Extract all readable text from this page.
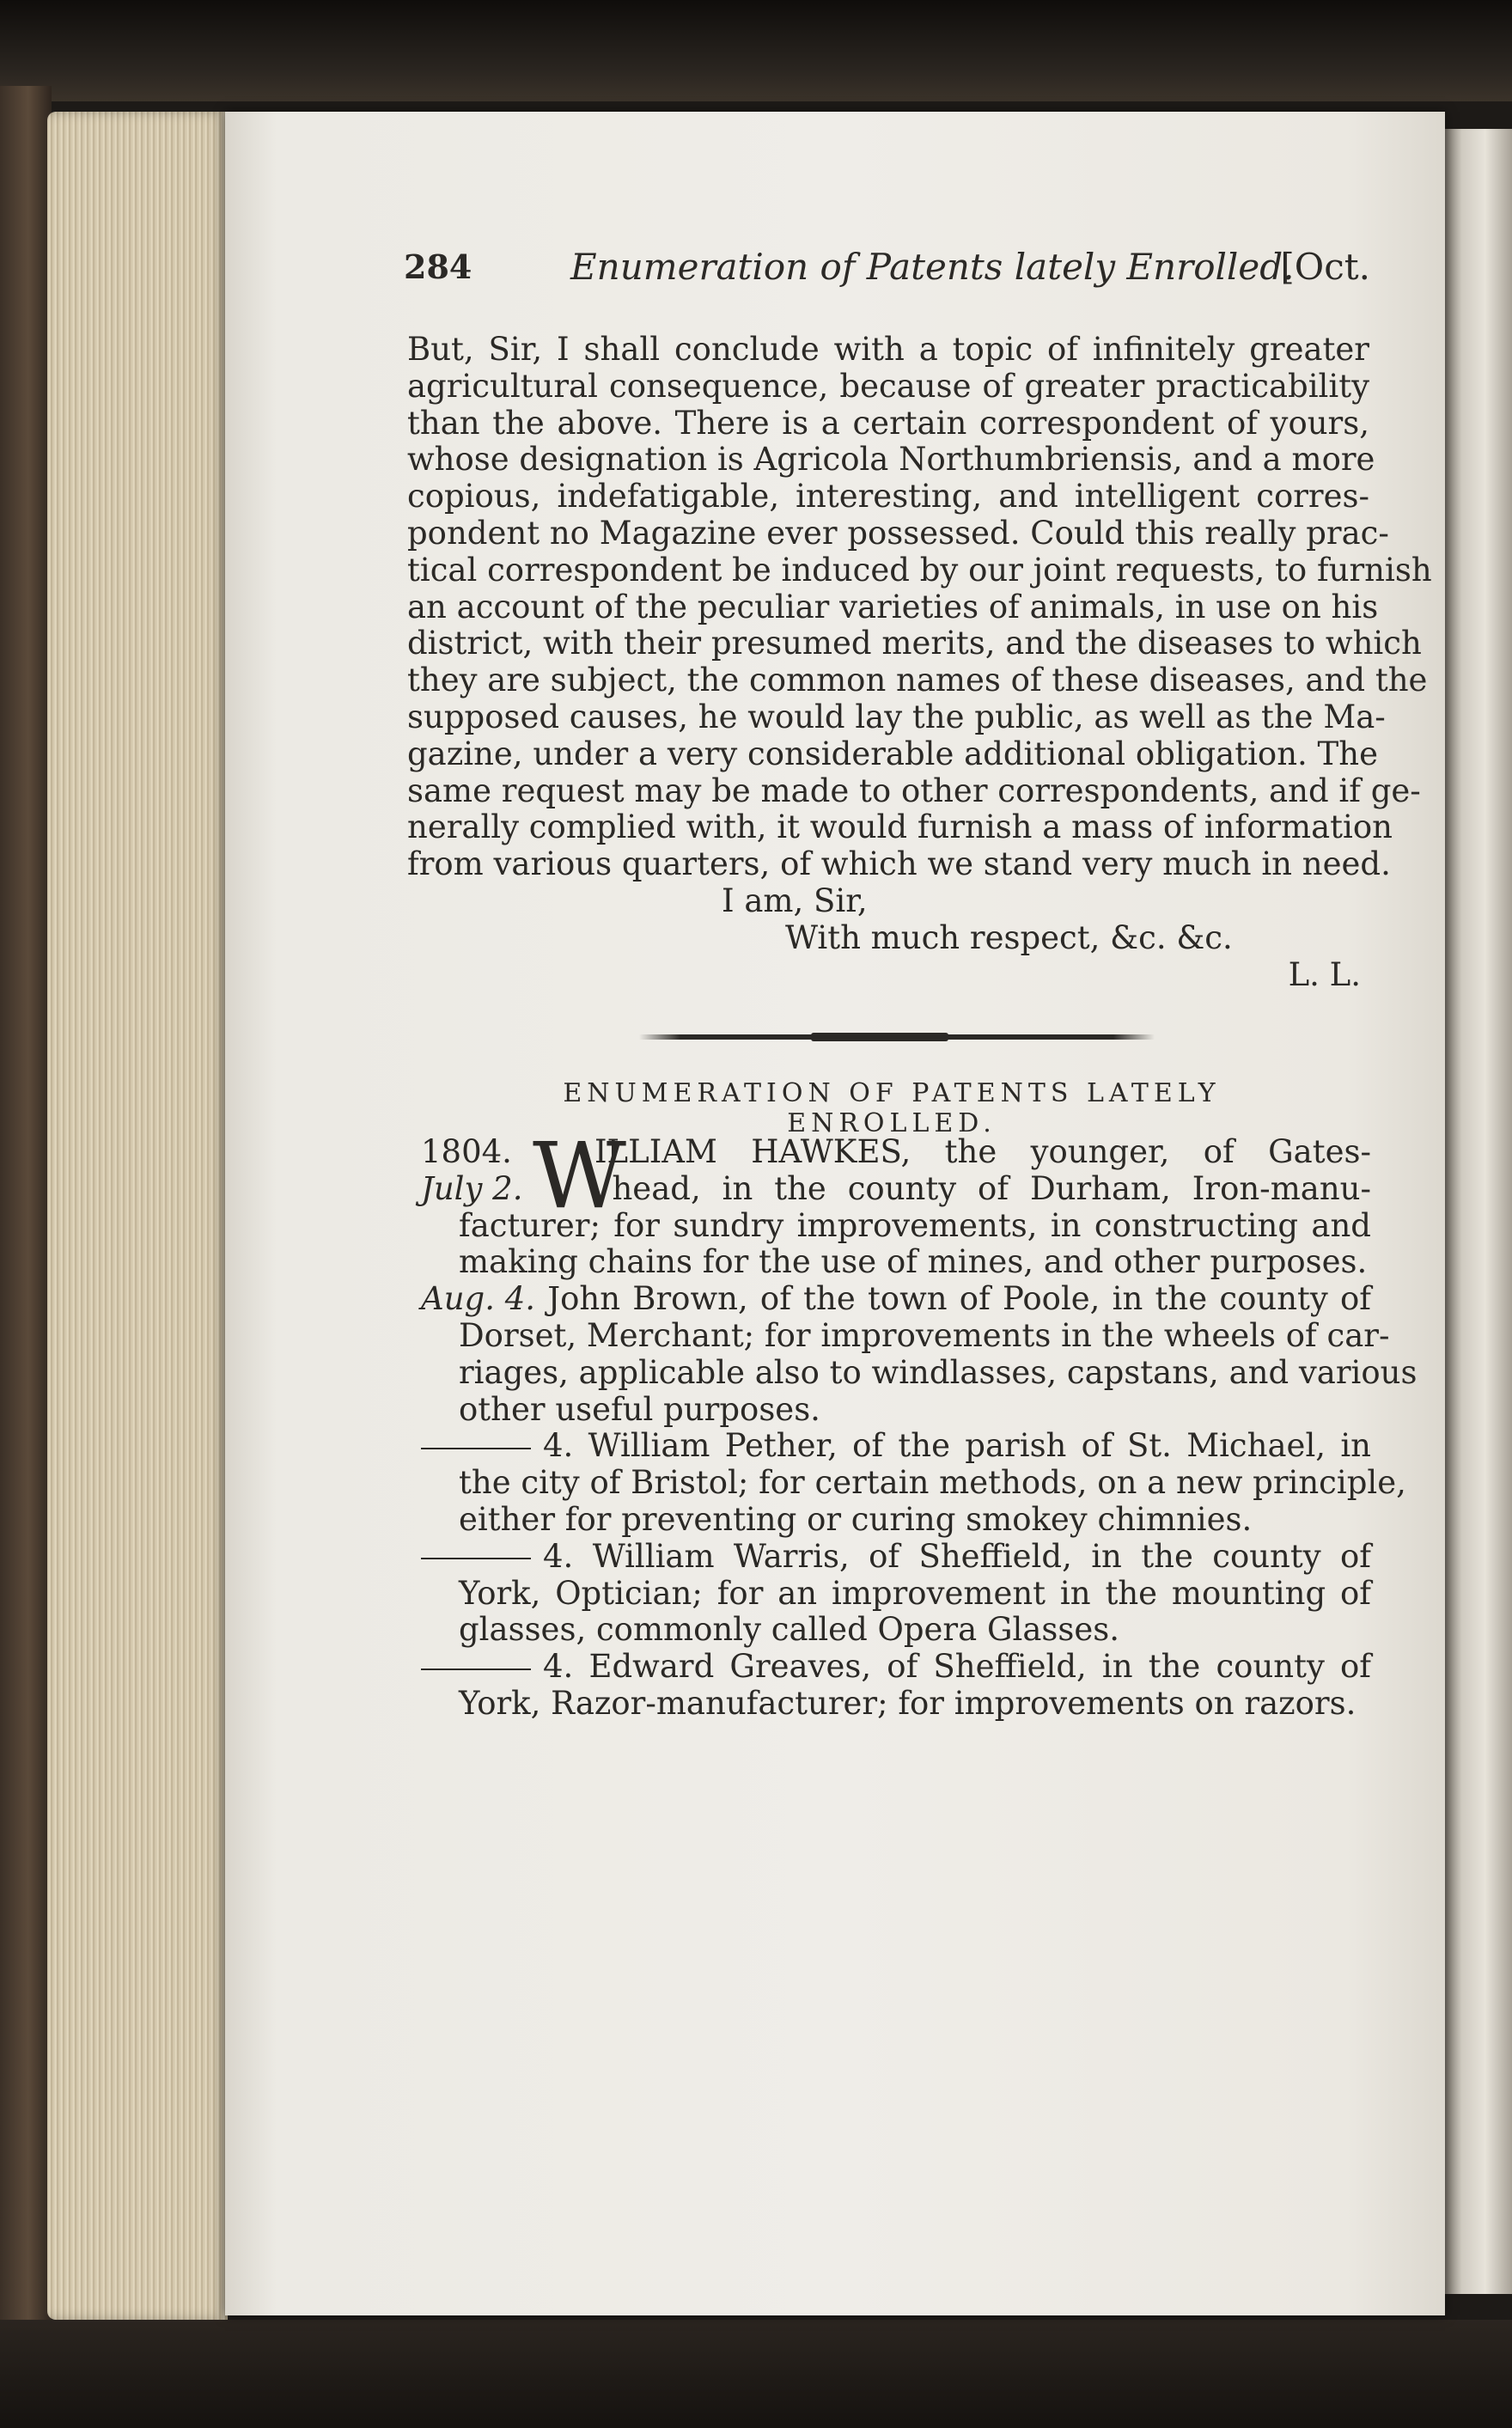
284	Enumeration of Patents lately Enrolled.
[Oct.
But, Sir, I shall conclude with a topic of infinitely greater
agricultural consequence, because of greater practicability
than the above. There is a certain correspondent of yours,
whose designation is Agricola Northumbriensis, and a more
copious, indefatigable, interesting, and intelligent corres-
pondent no Magazine ever possessed. Could this really prac-
tical correspondent be induced by our joint requests, to furnish
an account of the peculiar varieties of animals, in use on his
district, with their presumed merits, and the diseases to which
they are subject, the common names of these diseases, and the
supposed causes, he would lay the public, as well as the Ma-
gazine, under a very considerable additional obligation. The
same request may be made to other correspondents, and if ge-
nerally complied with, it would furnish a mass of information
from various quarters, of which we stand very much in need.
I am, Sir,
With much respect, &c. &c.
L. L.
ENUMERATION OF PATENTS LATELY ENROLLED.
W
1804.	ILLIAM HAWKES, the younger, of Gates-
July 2.	head, in the county of Durham, Iron-manu-
facturer; for sundry improvements, in constructing and
making chains for the use of mines, and other purposes.
Aug. 4. John Brown, of the town of Poole, in the county of
Dorset, Merchant; for improvements in the wheels of car-
riages, applicable also to windlasses, capstans, and various
other useful purposes.
4. William Pether, of the parish of St. Michael, in
the city of Bristol; for certain methods, on a new principle,
either for preventing or curing smokey chimnies.
4. William Warris, of Sheffield, in the county of
York, Optician; for an improvement in the mounting of
glasses, commonly called Opera Glasses.
4. Edward Greaves, of Sheffield, in the county of
York, Razor-manufacturer; for improvements on razors.
